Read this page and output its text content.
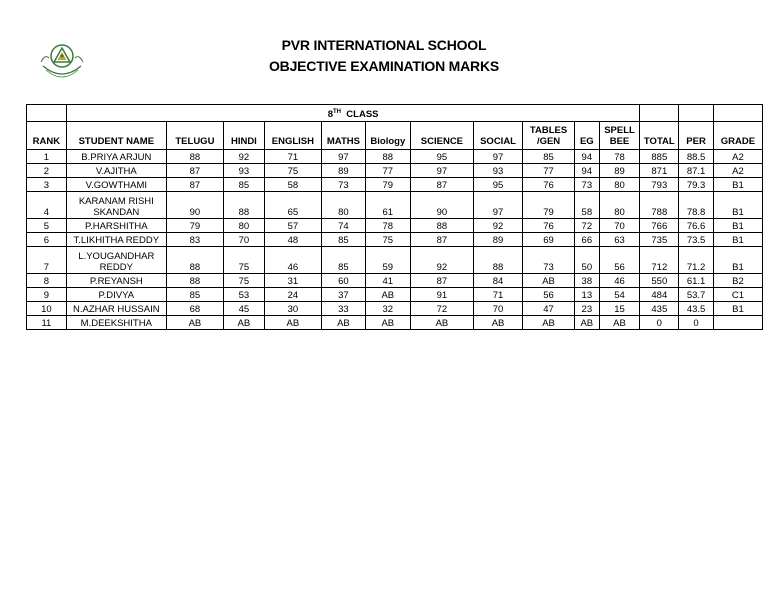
PVR INTERNATIONAL SCHOOL
OBJECTIVE EXAMINATION MARKS
	8TH CLASS													
RANK	STUDENT NAME	TELUGU	HINDI	ENGLISH	MATHS	Biology	SCIENCE	SOCIAL	TABLES /GEN	EG	SPELL BEE	TOTAL	PER	GRADE
1	B.PRIYA ARJUN	88	92	71	97	88	95	97	85	94	78	885	88.5	A2
2	V.AJITHA	87	93	75	89	77	97	93	77	94	89	871	87.1	A2
3	V.GOWTHAMI	87	85	58	73	79	87	95	76	73	80	793	79.3	B1
4	KARANAM RISHI SKANDAN	90	88	65	80	61	90	97	79	58	80	788	78.8	B1
5	P.HARSHITHA	79	80	57	74	78	88	92	76	72	70	766	76.6	B1
6	T.LIKHITHA REDDY	83	70	48	85	75	87	89	69	66	63	735	73.5	B1
7	L.YOUGANDHAR REDDY	88	75	46	85	59	92	88	73	50	56	712	71.2	B1
8	P.REYANSH	88	75	31	60	41	87	84	AB	38	46	550	61.1	B2
9	P.DIVYA	85	53	24	37	AB	91	71	56	13	54	484	53.7	C1
10	N.AZHAR HUSSAIN	68	45	30	33	32	72	70	47	23	15	435	43.5	B1
11	M.DEEKSHITHA	AB	AB	AB	AB	AB	AB	AB	AB	AB	AB	0	0	
